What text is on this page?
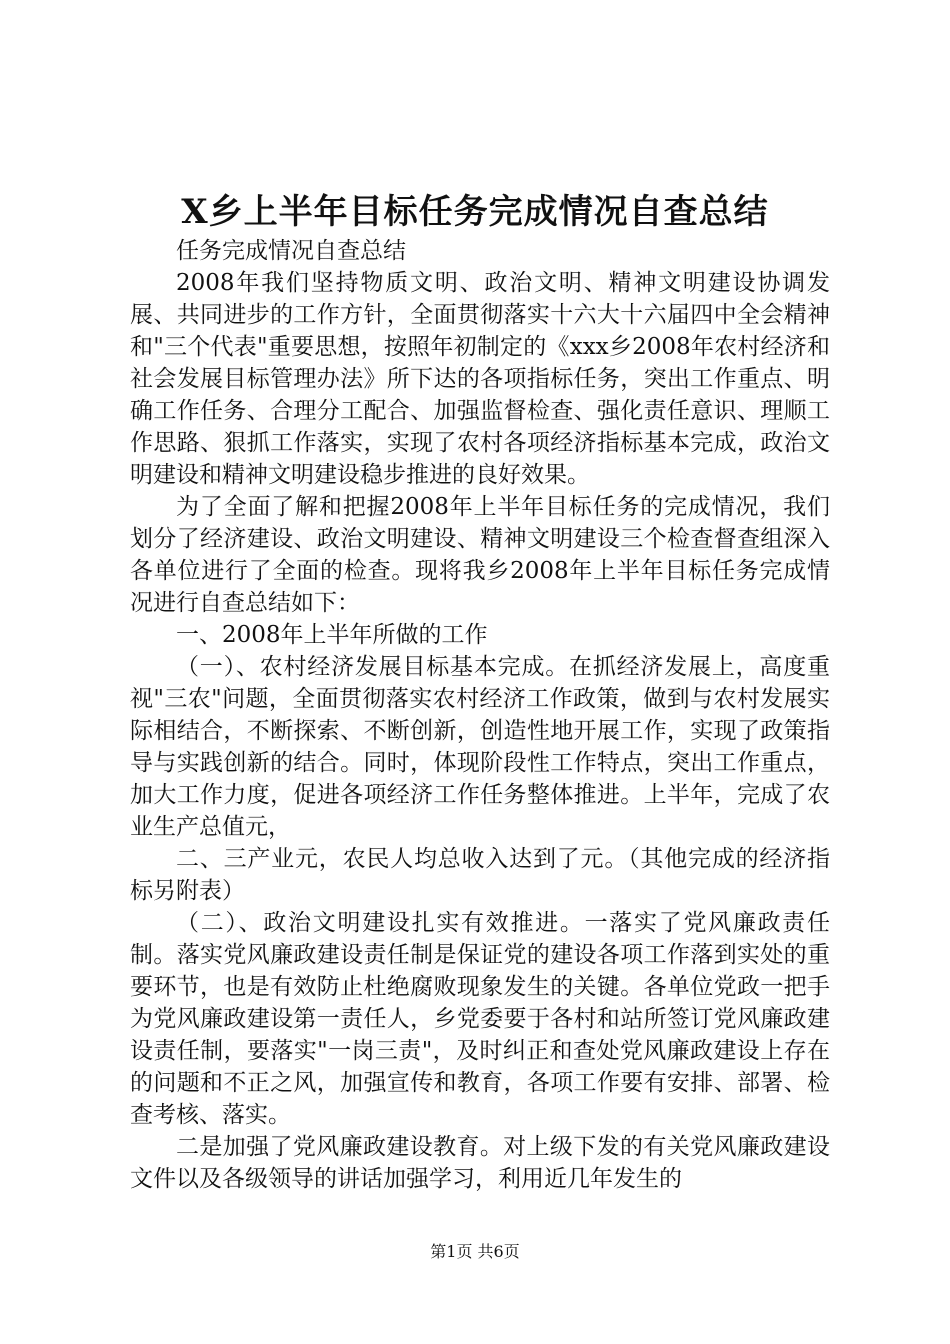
X乡上半年目标任务完成情况自查总结

任务完成情况自查总结

2008年我们坚持物质文明、政治文明、精神文明建设协调发展、共同进步的工作方针，全面贯彻落实十六大十六届四中全会精神和"三个代表"重要思想，按照年初制定的《xxx乡2008年农村经济和社会发展目标管理办法》所下达的各项指标任务，突出工作重点、明确工作任务、合理分工配合、加强监督检查、强化责任意识、理顺工作思路、狠抓工作落实，实现了农村各项经济指标基本完成，政治文明建设和精神文明建设稳步推进的良好效果。

为了全面了解和把握2008年上半年目标任务的完成情况，我们划分了经济建设、政治文明建设、精神文明建设三个检查督查组深入各单位进行了全面的检查。现将我乡2008年上半年目标任务完成情况进行自查总结如下：

一、2008年上半年所做的工作

（一）、农村经济发展目标基本完成。在抓经济发展上，高度重视"三农"问题，全面贯彻落实农村经济工作政策，做到与农村发展实际相结合，不断探索、不断创新，创造性地开展工作，实现了政策指导与实践创新的结合。同时，体现阶段性工作特点，突出工作重点，加大工作力度，促进各项经济工作任务整体推进。上半年，完成了农业生产总值元，

二、三产业元，农民人均总收入达到了元。（其他完成的经济指标另附表）

（二）、政治文明建设扎实有效推进。一落实了党风廉政责任制。落实党风廉政建设责任制是保证党的建设各项工作落到实处的重要环节，也是有效防止杜绝腐败现象发生的关键。各单位党政一把手为党风廉政建设第一责任人，乡党委要于各村和站所签订党风廉政建设责任制，要落实"一岗三责"，及时纠正和查处党风廉政建设上存在的问题和不正之风，加强宣传和教育，各项工作要有安排、部署、检查考核、落实。

二是加强了党风廉政建设教育。对上级下发的有关党风廉政建设文件以及各级领导的讲话加强学习，利用近几年发生的

第1页 共6页
